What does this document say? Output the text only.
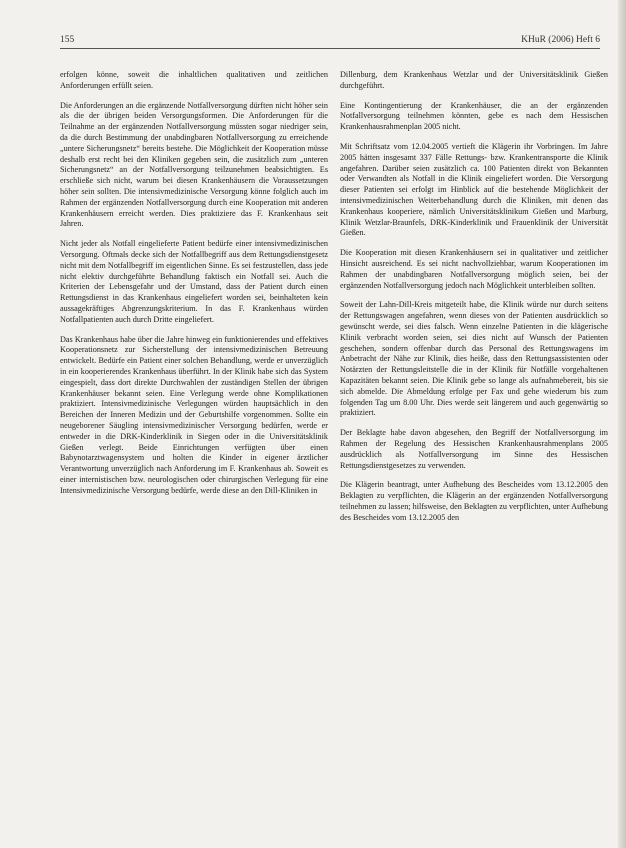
155	KHuR (2006) Heft 6

erfolgen könne, soweit die inhaltlichen qualitativen und zeitlichen Anforderungen erfüllt seien.

Die Anforderungen an die ergänzende Notfallversorgung dürften nicht höher sein als die der übrigen beiden Versorgungsformen. Die Anforderungen für die Teilnahme an der ergänzenden Notfallversorgung müssten sogar niedriger sein, da die durch Bestimmung der unabdingbaren Notfallversorgung zu erreichende „untere Sicherungsnetz“ bereits bestehe. Die Möglichkeit der Kooperation müsse deshalb erst recht bei den Kliniken gegeben sein, die zusätzlich zum „unteren Sicherungsnetz“ an der Notfallversorgung teilzunehmen beabsichtigten. Es erschließe sich nicht, warum bei diesen Krankenhäusern die Voraussetzungen höher sein sollten. Die intensivmedizinische Versorgung könne folglich auch im Rahmen der ergänzenden Notfallversorgung durch eine Kooperation mit anderen Krankenhäusern erreicht werden. Dies praktiziere das F. Krankenhaus seit Jahren.

Nicht jeder als Notfall eingelieferte Patient bedürfe einer intensivmedizinischen Versorgung. Oftmals decke sich der Notfallbegriff aus dem Rettungsdienstgesetz nicht mit dem Notfallbegriff im eigentlichen Sinne. Es sei festzustellen, dass jede nicht elektiv durchgeführte Behandlung faktisch ein Notfall sei. Auch die Kriterien der Lebensgefahr und der Umstand, dass der Patient durch einen Rettungsdienst in das Krankenhaus eingeliefert worden sei, beinhalteten kein aussagekräftiges Abgrenzungskriterium. In das F. Krankenhaus würden Notfallpatienten auch durch Dritte eingeliefert.

Das Krankenhaus habe über die Jahre hinweg ein funktionierendes und effektives Kooperationsnetz zur Sicherstellung der intensivmedizinischen Betreuung entwickelt. Bedürfe ein Patient einer solchen Behandlung, werde er unverzüglich in ein kooperierendes Krankenhaus überführt. In der Klinik habe sich das System eingespielt, dass dort direkte Durchwahlen der zuständigen Stellen der übrigen Krankenhäuser bekannt seien. Eine Verlegung werde ohne Komplikationen praktiziert. Intensivmedizinische Verlegungen würden hauptsächlich in den Bereichen der Inneren Medizin und der Geburtshilfe vorgenommen. Sollte ein neugeborener Säugling intensivmedizinischer Versorgung bedürfen, werde er entweder in die DRK-Kinderklinik in Siegen oder in die Universitätsklinik Gießen verlegt. Beide Einrichtungen verfügten über einen Babynotarztwagensystem und holten die Kinder in eigener ärztlicher Verantwortung unverzüglich nach Anforderung im F. Krankenhaus ab. Soweit es einer internistischen bzw. neurologischen oder chirurgischen Verlegung für eine Intensivmedizinische Versorgung bedürfe, werde diese an den Dill-Kliniken in

Dillenburg, dem Krankenhaus Wetzlar und der Universitätsklinik Gießen durchgeführt.

Eine Kontingentierung der Krankenhäuser, die an der ergänzenden Notfallversorgung teilnehmen könnten, gebe es nach dem Hessischen Krankenhausrahmenplan 2005 nicht.

Mit Schriftsatz vom 12.04.2005 vertieft die Klägerin ihr Vorbringen. Im Jahre 2005 hätten insgesamt 337 Fälle Rettungs- bzw. Krankentransporte die Klinik angefahren. Darüber seien zusätzlich ca. 100 Patienten direkt von Bekannten oder Verwandten als Notfall in die Klinik eingeliefert worden. Die Versorgung dieser Patienten sei erfolgt im Hinblick auf die bestehende Möglichkeit der intensivmedizinischen Weiterbehandlung durch die Kliniken, mit denen das Krankenhaus kooperiere, nämlich Universitätsklinikum Gießen und Marburg, Klinik Wetzlar-Braunfels, DRK-Kinderklinik und Frauenklinik der Universität Gießen.

Die Kooperation mit diesen Krankenhäusern sei in qualitativer und zeitlicher Hinsicht ausreichend. Es sei nicht nachvollziehbar, warum Kooperationen im Rahmen der unabdingbaren Notfallversorgung möglich seien, bei der ergänzenden Notfallversorgung jedoch nach Möglichkeit unterbleiben sollten.

Soweit der Lahn-Dill-Kreis mitgeteilt habe, die Klinik würde nur durch seitens der Rettungswagen angefahren, wenn dieses von der Patienten ausdrücklich so gewünscht werde, sei dies falsch. Wenn einzelne Patienten in die klägerische Klinik verbracht worden seien, sei dies nicht auf Wunsch der Patienten geschehen, sondern offenbar durch das Personal des Rettungswagens im Anbetracht der Nähe zur Klinik, dies heiße, dass den Rettungsassistenten oder Notärzten der Rettungsleitstelle die in der Klinik für Notfälle vorgehaltenen Kapazitäten bekannt seien. Die Klinik gebe so lange als aufnahmebereit, bis sie sich abmelde. Die Abmeldung erfolge per Fax und gehe wiederum bis zum folgenden Tag um 8.00 Uhr. Dies werde seit längerem und auch gegenwärtig so praktiziert.

Der Beklagte habe davon abgesehen, den Begriff der Notfallversorgung im Rahmen der Regelung des Hessischen Krankenhausrahmenplans 2005 ausdrücklich als Notfallversorgung im Sinne des Hessischen Rettungsdienstgesetzes zu verwenden.

Die Klägerin beantragt, unter Aufhebung des Bescheides vom 13.12.2005 den Beklagten zu verpflichten, die Klägerin an der ergänzenden Notfallversorgung teilnehmen zu lassen; hilfsweise, den Beklagten zu verpflichten, unter Aufhebung des Bescheides vom 13.12.2005 den
